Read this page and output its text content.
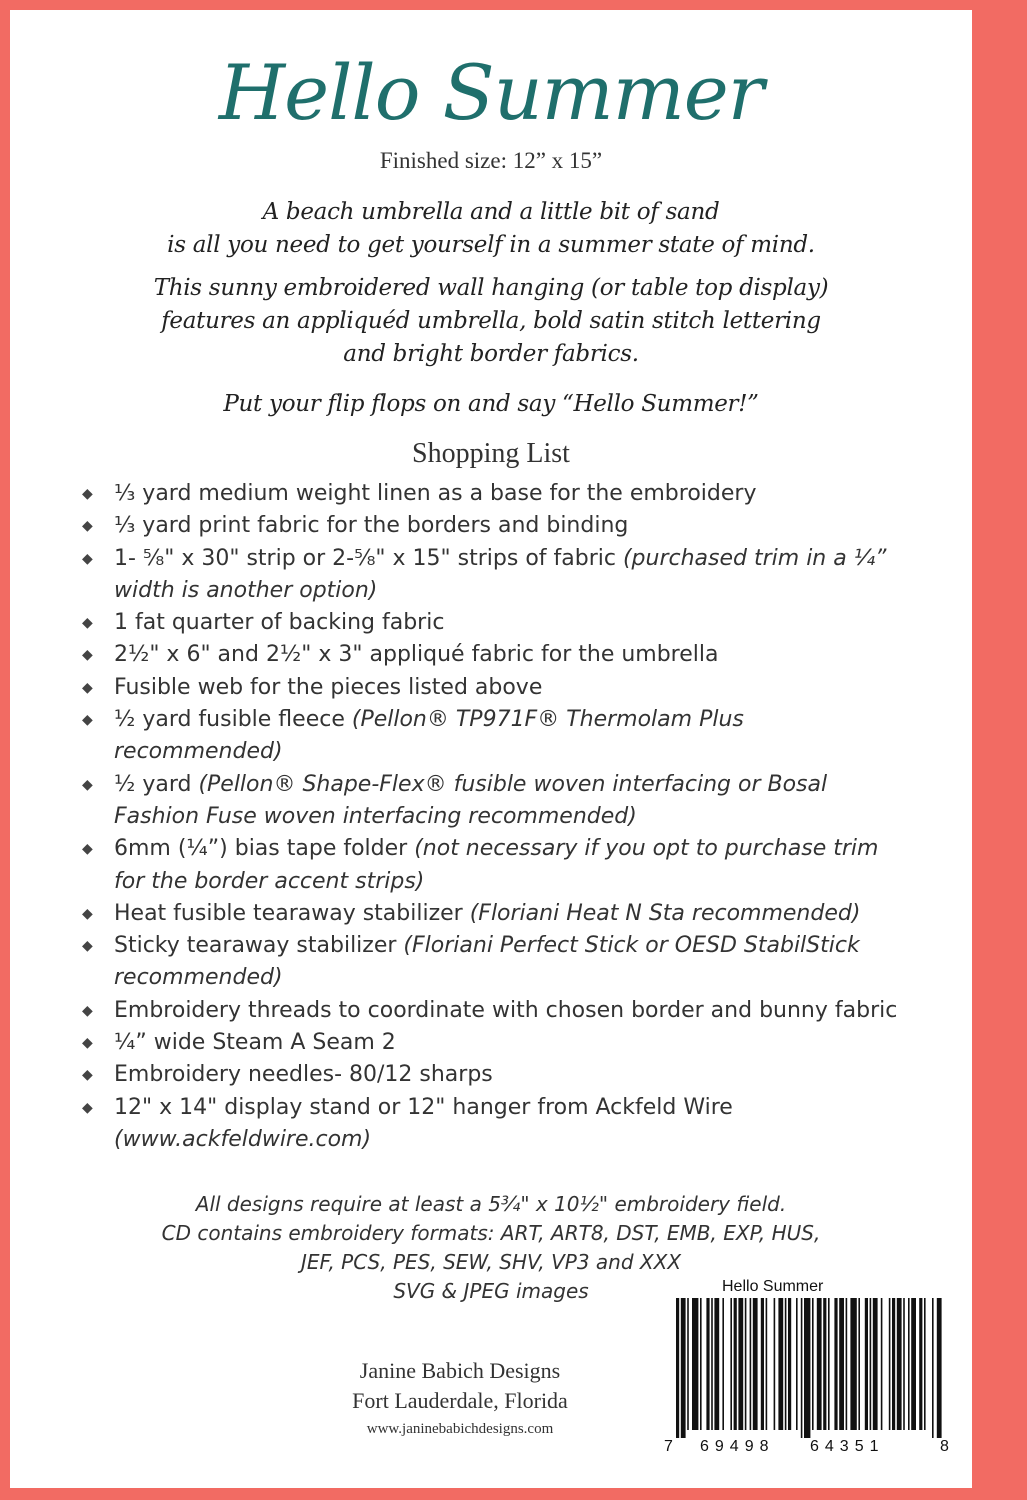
Hello Summer
Finished size: 12” x 15”

A beach umbrella and a little bit of sand

is all you need to get yourself in a summer state of mind.

This sunny embroidered wall hanging (or table top display)

features an appliquéd umbrella, bold satin stitch lettering

and bright border fabrics.

Put your flip flops on and say “Hello Summer!”

Shopping List
◆ ¹⁄₃ yard medium weight linen as a base for the embroidery
◆ ¹⁄₃ yard print fabric for the borders and binding
◆ 1- ⁵⁄₈" x 30" strip or 2-⁵⁄₈" x 15" strips of fabric (purchased trim in a ¼” width is another option)
◆ 1 fat quarter of backing fabric
◆ 2½" x 6" and 2½" x 3" appliqué fabric for the umbrella
◆ Fusible web for the pieces listed above
◆ ½ yard fusible fleece (Pellon® TP971F® Thermolam Plus recommended)
◆ ½ yard (Pellon® Shape-Flex® fusible woven interfacing or Bosal Fashion Fuse woven interfacing recommended)
◆ 6mm (¼”) bias tape folder (not necessary if you opt to purchase trim for the border accent strips)
◆ Heat fusible tearaway stabilizer (Floriani Heat N Sta recommended)
◆ Sticky tearaway stabilizer (Floriani Perfect Stick or OESD StabilStick recommended)
◆ Embroidery threads to coordinate with chosen border and bunny fabric
◆ ¼” wide Steam A Seam 2
◆ Embroidery needles- 80/12 sharps
◆ 12" x 14" display stand or 12" hanger from Ackfeld Wire (www.ackfeldwire.com)

All designs require at least a 5¾" x 10½" embroidery field.

CD contains embroidery formats: ART, ART8, DST, EMB, EXP, HUS,

JEF, PCS, PES, SEW, SHV, VP3 and XXX

SVG & JPEG images

Janine Babich Designs
Fort Lauderdale, Florida
www.janinebabichdesigns.com
Hello Summer
7 69498 64351	8
